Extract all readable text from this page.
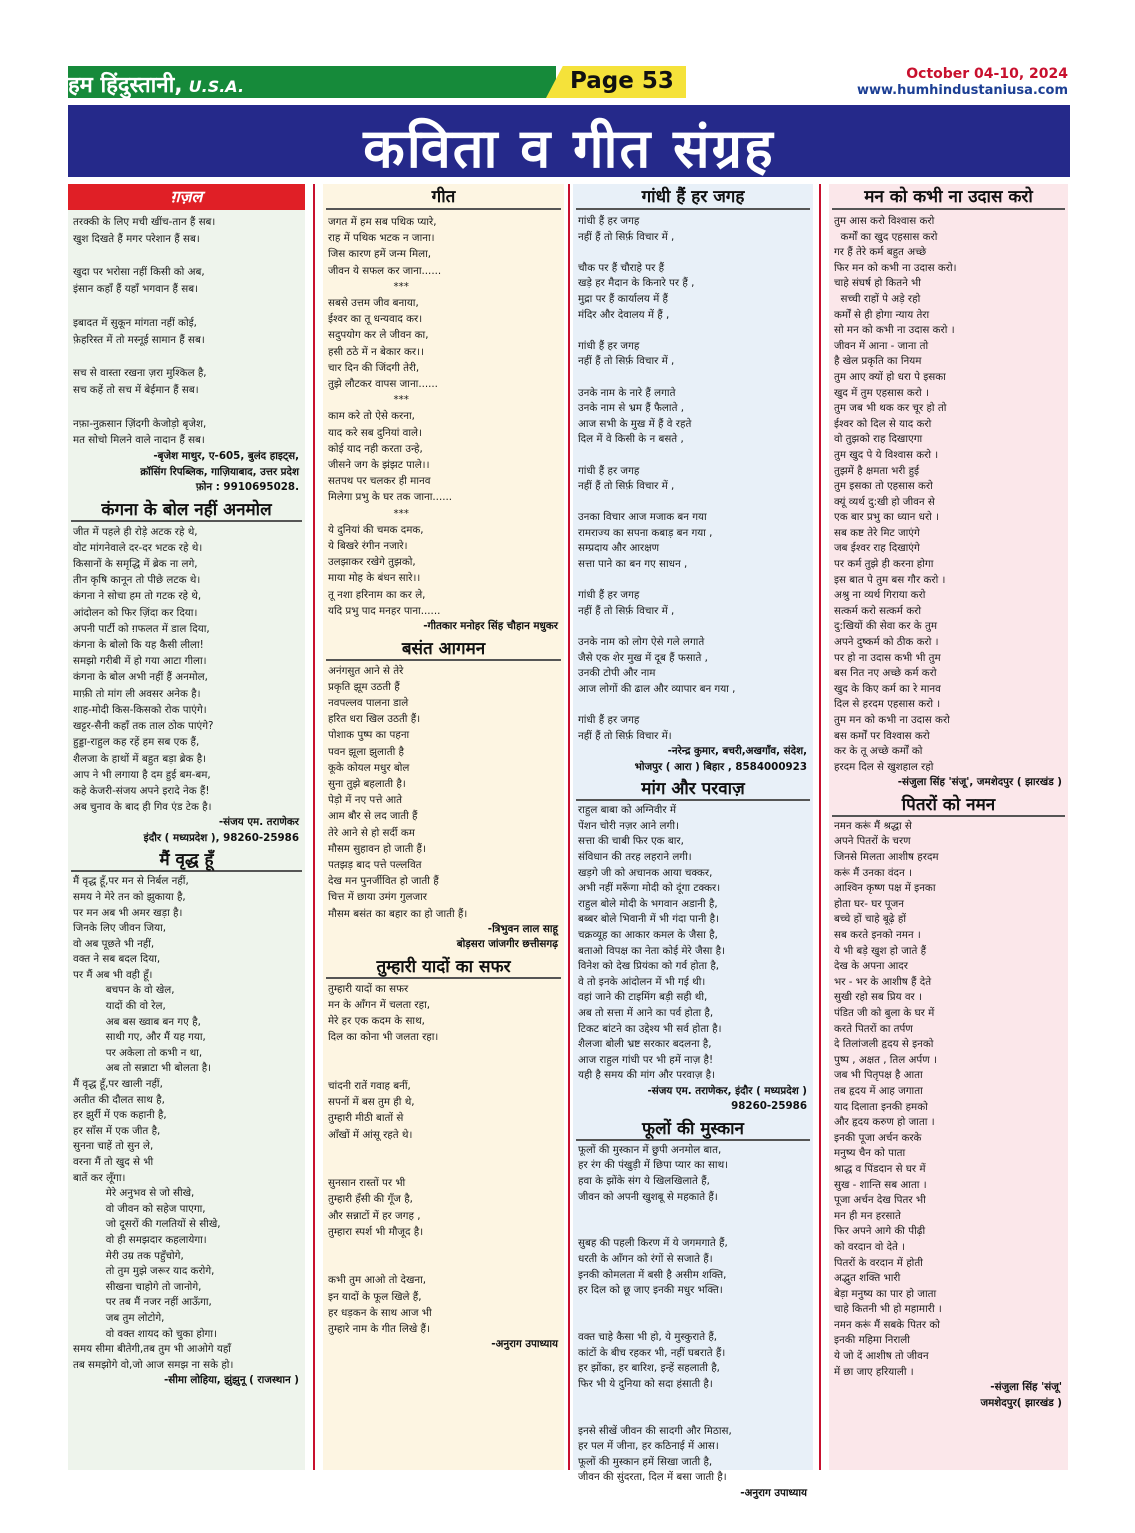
हम हिंदुस्तानी, U.S.A.	Page 53	October 04-10, 2024
www.humhindustaniusa.com
कविता व गीत संग्रह
ग़ज़ल
तरक्की के लिए मची खींच-तान हैं सब।
खुश दिखते हैं मगर परेशान हैं सब।

खुदा पर भरोसा नहीं किसी को अब,
इंसान कहाँ हैं यहाँ भगवान हैं सब।

इबादत में सुकून मांगता नहीं कोई,
फ़ेहरिस्त में तो मस्नूई सामान हैं सब।

सच से वास्ता रखना ज़रा मुश्किल है,
सच कहें तो सच में बेईमान हैं सब।

नफ़ा-नुक़सान ज़िंदगी केजोड़ो बृजेश,
मत सोचो मिलने वाले नादान हैं सब।
-बृजेश माथुर, ए-605, बुलंद हाइट्स,
क्रॉसिंग रिपब्लिक, गाज़ियाबाद, उत्तर प्रदेश
फ़ोन : 9910695028.
कंगना के बोल नहीं अनमोल
जीत में पहले ही रोड़े अटक रहे थे,
वोट मांगनेवाले दर-दर भटक रहे थे।
किसानों के समृद्धि में ब्रेक ना लगे,
तीन कृषि कानून तो पीछे लटक थे।
कंगना ने सोचा हम तो गटक रहे थे,
आंदोलन को फिर ज़िंदा कर दिया।
अपनी पार्टी को ग़फलत में डाल दिया,
कंगना के बोलो कि यह कैसी लीला!
समझो गरीबी में हो गया आटा गीला।
कंगना के बोल अभी नहीं हैं अनमोल,
माफ़ी तो मांग ली अवसर अनेक है।
शाह-मोदी किस-किसको रोक पाएंगे।
खट्टर-सैनी कहाँ तक ताल ठोक पाएंगे?
हुड्डा-राहुल कह रहें हम सब एक हैं,
शैलजा के हाथों में बहुत बड़ा ब्रेक है।
आप ने भी लगाया है दम हुई बम-बम,
कहे केजरी-संजय अपने इरादे नेक हैं!
अब चुनाव के बाद ही गिव एंड टेक है।
-संजय एम. तराणेकर
इंदौर ( मध्यप्रदेश ), 98260-25986
मैं वृद्ध हूँ
मैं वृद्ध हूँ,पर मन से निर्बल नहीं,
समय ने मेरे तन को झुकाया है,
पर मन अब भी अमर खड़ा है।
जिनके लिए जीवन जिया,
वो अब पूछते भी नहीं,
वक्त ने सब बदल दिया,
पर मैं अब भी वही हूँ।
बचपन के वो खेल,
यादों की वो रेल,
अब बस ख्वाब बन गए है,
साथी गए, और मैं यह गया,
पर अकेला तो कभी न था,
अब तो सन्नाटा भी बोलता है।
मैं वृद्ध हूँ,पर खाली नहीं,
अतीत की दौलत साथ है,
हर झुर्री में एक कहानी है,
हर साँस में एक जीत है,
सुनना चाहें तो सुन ले,
वरना मैं तो खुद से भी
बातें कर लूँगा।
मेरे अनुभव से जो सीखे,
वो जीवन को सहेज पाएगा,
जो दूसरों की गलतियों से सीखे,
वो ही समझदार कहलायेगा।
मेरी उम्र तक पहुँचोगे,
तो तुम मुझे जरूर याद करोगे,
सीखना चाहोगे तो जानोगे,
पर तब मैं नजर नहीं आऊँगा,
जब तुम लोटोगे,
वो वक्त शायद को चुका होगा।
समय सीमा बीतेगी,तब तुम भी आओगे यहाँ
तब समझोगे वो,जो आज समझ ना सके हो।
-सीमा लोहिया, झुंझुनू ( राजस्थान )
गीत
जगत में हम सब पथिक प्यारे,
राह में पथिक भटक न जाना।
जिस कारण हमें जन्म मिला,
जीवन ये सफल कर जाना......
***
सबसे उत्तम जीव बनाया,
ईश्वर का तू धन्यवाद कर।
सदुपयोग कर ले जीवन का,
हसी ठठे में न बेकार कर।।
चार दिन की जिंदगी तेरी,
तुझे लौटकर वापस जाना......
***
काम करे तो ऐसे करना,
याद करे सब दुनियां वाले।
कोई याद नही करता उन्हे,
जीसने जग के झंझट पाले।।
सतपथ पर चलकर ही मानव
मिलेगा प्रभु के घर तक जाना......
***
ये दुनियां की चमक दमक,
ये बिखरे रंगीन नजारे।
उलझाकर रखेगे तुझको,
माया मोह के बंधन सारे।।
तू नशा हरिनाम का कर ले,
यदि प्रभु पाद मनहर पाना......
-गीतकार मनोहर सिंह चौहान मधुकर
बसंत आगमन
अनंगसुत आने से तेरे
प्रकृति झूम उठती हैं
नवपल्लव पालना डाले
हरित धरा खिल उठती हैं।
पोशाक पुष्प का पहना
पवन झूला झुलाती है
कूके कोयल मधुर बोल
सुना तुझे बहलाती है।
पेड़ो में नए पत्ते आते
आम बौर से लद जाती हैं
तेरे आने से हो सर्दी कम
मौसम सुहावन हो जाती हैं।
पतझड़ बाद पत्ते पल्लवित
देख मन पुनर्जीवित हो जाती हैं
चित्त में छाया उमंग गुलजार
मौसम बसंत का बहार का हो जाती हैं।
-त्रिभुवन लाल साहू
बोड़सरा जांजगीर छत्तीसगढ़
तुम्हारी यादों का सफर
तुम्हारी यादों का सफर
मन के आँगन में चलता रहा,
मेरे हर एक कदम के साथ,
दिल का कोना भी जलता रहा।

चांदनी रातें गवाह बनीं,
सपनों में बस तुम ही थे,
तुम्हारी मीठी बातों से
आँखों में आंसू रहते थे।

सुनसान रास्तों पर भी
तुम्हारी हँसी की गूँज है,
और सन्नाटों में हर जगह ,
तुम्हारा स्पर्श भी मौजूद है।

कभी तुम आओ तो देखना,
इन यादों के फूल खिले हैं,
हर धड़कन के साथ आज भी
तुम्हारे नाम के गीत लिखे हैं।
-अनुराग उपाध्याय
गांधी हैं हर जगह
गांधी हैं हर जगह
नहीं हैं तो सिर्फ़ विचार में ,

चौक पर हैं चौराहे पर हैं
खड़े हर मैदान के किनारे पर हैं ,
मुद्रा पर हैं कार्यालय में हैं
मंदिर और देवालय में हैं ,

गांधी हैं हर जगह
नहीं हैं तो सिर्फ़ विचार में ,

उनके नाम के नारे हैं लगाते
उनके नाम से भ्रम हैं फैलाते ,
आज सभी के मुख में हैं वे रहते
दिल में वे किसी के न बसते ,

गांधी हैं हर जगह
नहीं हैं तो सिर्फ़ विचार में ,

उनका विचार आज मजाक बन गया
रामराज्य का सपना कबाड़ बन गया ,
सम्प्रदाय और आरक्षण
सत्ता पाने का बन गए साधन ,

गांधी हैं हर जगह
नहीं हैं तो सिर्फ़ विचार में ,

उनके नाम को लोग ऐसे गले लगाते
जैसे एक शेर मुख में दूब हैं फसाते ,
उनकी टोपी और नाम
आज लोगों की ढाल और व्यापार बन गया ,

गांधी हैं हर जगह
नहीं हैं तो सिर्फ़ विचार में।
-नरेन्द्र कुमार, बचरी,अखगाँव, संदेश,
भोजपुर ( आरा ) बिहार , 8584000923
मांग और परवाज़
राहुल बाबा को अग्निवीर में
पेंशन चोरी नज़र आने लगी।
सत्ता की चाबी फिर एक बार,
संविधान की तरह लहराने लगी।
खड़गे जी को अचानक आया चक्कर,
अभी नहीं मरूँगा मोदी को दूंगा टक्कर।
राहुल बोले मोदी के भगवान अडानी है,
बब्बर बोले भिवानी में भी गंदा पानी है।
चक्रव्यूह का आकार कमल के जैसा है,
बताओ विपक्ष का नेता कोई मेरे जैसा है।
विनेश को देख प्रियंका को गर्व होता है,
वे तो इनके आंदोलन में भी गई थी।
वहां जाने की टाइमिंग बड़ी सही थी,
अब तो सत्ता में आने का पर्व होता है,
टिकट बांटने का उद्देश्य भी सर्व होता है।
शैलजा बोली भ्रष्ट सरकार बदलना है,
आज राहुल गांधी पर भी हमें नाज़ है!
यही है समय की मांग और परवाज़ है।
-संजय एम. तराणेकर, इंदौर ( मध्यप्रदेश )
98260-25986
फूलों की मुस्कान
फूलों की मुस्कान में छुपी अनमोल बात,
हर रंग की पंखुड़ी में छिपा प्यार का साथ।
हवा के झोंके संग ये खिलखिलाते हैं,
जीवन को अपनी खुशबू से महकाते हैं।

सुबह की पहली किरण में ये जगमगाते हैं,
धरती के आँगन को रंगों से सजाते हैं।
इनकी कोमलता में बसी है असीम शक्ति,
हर दिल को छू जाए इनकी मधुर भक्ति।

वक्त चाहे कैसा भी हो, ये मुस्कुराते हैं,
कांटों के बीच रहकर भी, नहीं घबराते हैं।
हर झोंका, हर बारिश, इन्हें सहलाती है,
फिर भी ये दुनिया को सदा हंसाती है।

इनसे सीखें जीवन की सादगी और मिठास,
हर पल में जीना, हर कठिनाई में आस।
फूलों की मुस्कान हमें सिखा जाती है,
जीवन की सुंदरता, दिल में बसा जाती है।
-अनुराग उपाध्याय
मन को कभी ना उदास करो
तुम आस करो विश्वास करो
कर्मों का खुद एहसास करो
गर हैं तेरे कर्म बहुत अच्छे
फिर मन को कभी ना उदास करो।
चाहे संघर्ष हो कितने भी
सच्ची राहों पे अड़े रहो
कर्मों से ही होगा न्याय तेरा
सो मन को कभी ना उदास करो ।
जीवन में आना - जाना तो
है खेल प्रकृति का नियम
तुम आए क्यों हो धरा पे इसका
खुद में तुम एहसास करो ।
तुम जब भी थक कर चूर हो तो
ईश्वर को दिल से याद करो
वो तुझको राह दिखाएगा
तुम खुद पे ये विश्वास करो ।
तुझमें है क्षमता भरी हुई
तुम इसका तो एहसास करो
क्यूं व्यर्थ दु:खी हो जीवन से
एक बार प्रभु का ध्यान धरो ।
सब कष्ट तेरे मिट जाएंगे
जब ईश्वर राह दिखाएंगे
पर कर्म तुझे ही करना होगा
इस बात पे तुम बस गौर करो ।
अश्रु ना व्यर्थ गिराया करो
सत्कर्म करो सत्कर्म करो
दु:खियों की सेवा कर के तुम
अपने दुष्कर्म को ठीक करो ।
पर हो ना उदास कभी भी तुम
बस नित नए अच्छे कर्म करो
खुद के किए कर्म का रे मानव
दिल से हरदम एहसास करो ।
तुम मन को कभी ना उदास करो
बस कर्मों पर विश्वास करो
कर के तू अच्छे कर्मों को
हरदम दिल से खुशहाल रहो
-संजुला सिंह 'संजू', जमशेदपुर ( झारखंड )
पितरों को नमन
नमन करूं मैं श्रद्धा से
अपने पितरों के चरण
जिनसे मिलता आशीष हरदम
करूं मैं उनका वंदन ।
आश्विन कृष्ण पक्ष में इनका
होता घर- घर पूजन
बच्चे हों चाहे बूढ़े हों
सब करते इनको नमन ।
ये भी बड़े खुश हो जाते हैं
देख के अपना आदर
भर - भर के आशीष हैं देते
सुखी रहो सब प्रिय वर ।
पंडित जी को बुला के घर में
करते पितरों का तर्पण
दे तिलांजली हृदय से इनको
पुष्प , अक्षत , तिल अर्पण ।
जब भी पितृपक्ष है आता
तब हृदय में आह जगाता
याद दिलाता इनकी हमको
और हृदय करुण हो जाता ।
इनकी पूजा अर्चन करके
मनुष्य चैन को पाता
श्राद्ध व पिंडदान से घर में
सुख - शान्ति सब आता ।
पूजा अर्चन देख पितर भी
मन ही मन हरसाते
फिर अपने आगे की पीढ़ी
को वरदान वो देते ।
पितरों के वरदान में होती
अद्भुत शक्ति भारी
बेड़ा मनुष्य का पार हो जाता
चाहे कितनी भी हो महामारी ।
नमन करूं मैं सबके पितर को
इनकी महिमा निराली
ये जो दें आशीष तो जीवन
में छा जाए हरियाली ।
-संजुला सिंह 'संजू'
जमशेदपुर( झारखंड )
